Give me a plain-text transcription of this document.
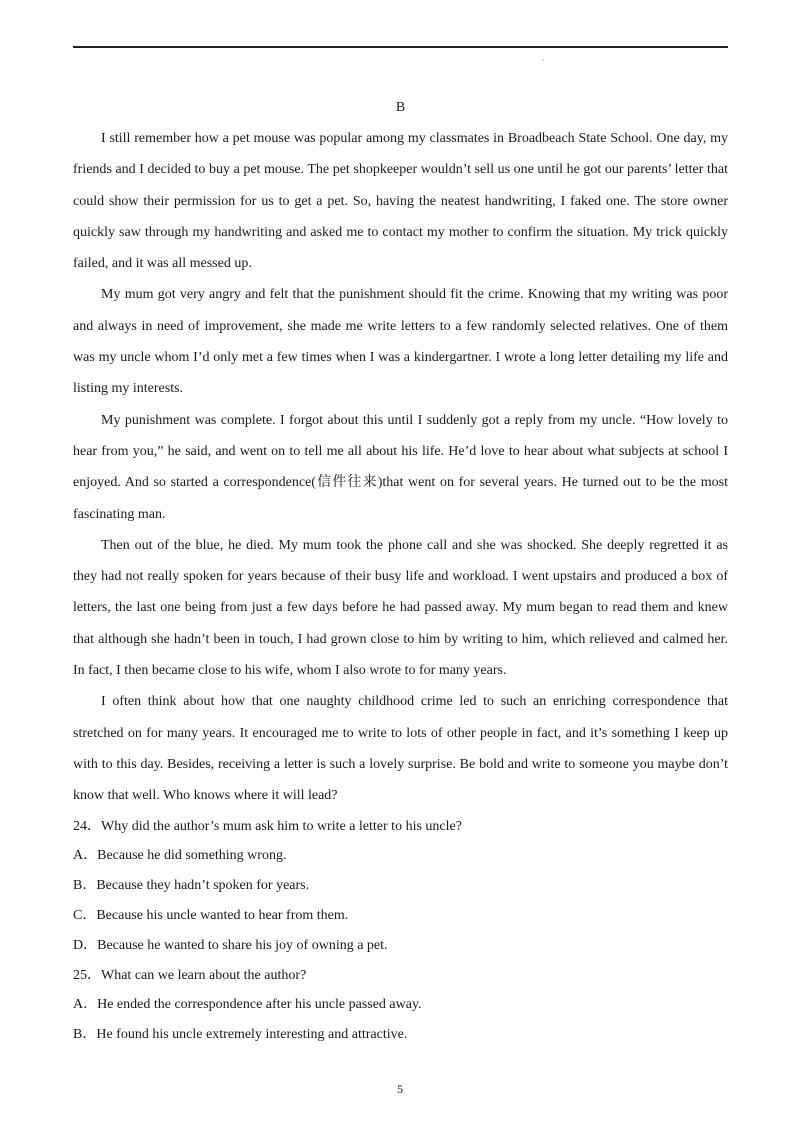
·
B

I still remember how a pet mouse was popular among my classmates in Broadbeach State School. One day, my friends and I decided to buy a pet mouse. The pet shopkeeper wouldn’t sell us one until he got our parents’ letter that could show their permission for us to get a pet. So, having the neatest handwriting, I faked one. The store owner quickly saw through my handwriting and asked me to contact my mother to confirm the situation. My trick quickly failed, and it was all messed up.

My mum got very angry and felt that the punishment should fit the crime. Knowing that my writing was poor and always in need of improvement, she made me write letters to a few randomly selected relatives. One of them was my uncle whom I’d only met a few times when I was a kindergartner. I wrote a long letter detailing my life and listing my interests.

My punishment was complete. I forgot about this until I suddenly got a reply from my uncle. “How lovely to hear from you,” he said, and went on to tell me all about his life. He’d love to hear about what subjects at school I enjoyed. And so started a correspondence(信件往来)that went on for several years. He turned out to be the most fascinating man.

Then out of the blue, he died. My mum took the phone call and she was shocked. She deeply regretted it as they had not really spoken for years because of their busy life and workload. I went upstairs and produced a box of letters, the last one being from just a few days before he had passed away. My mum began to read them and knew that although she hadn’t been in touch, I had grown close to him by writing to him, which relieved and calmed her. In fact, I then became close to his wife, whom I also wrote to for many years.

I often think about how that one naughty childhood crime led to such an enriching correspondence that stretched on for many years. It encouraged me to write to lots of other people in fact, and it’s something I keep up with to this day. Besides, receiving a letter is such a lovely surprise. Be bold and write to someone you maybe don’t know that well. Who knows where it will lead?

24．Why did the author’s mum ask him to write a letter to his uncle?

A．Because he did something wrong.

B．Because they hadn’t spoken for years.

C．Because his uncle wanted to hear from them.

D．Because he wanted to share his joy of owning a pet.

25．What can we learn about the author?

A．He ended the correspondence after his uncle passed away.

B．He found his uncle extremely interesting and attractive.

5
